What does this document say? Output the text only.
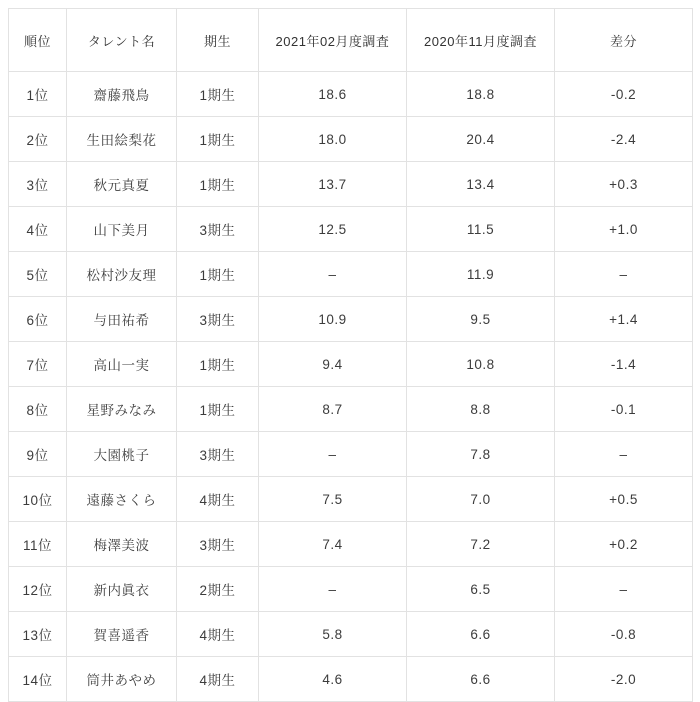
順位	タレント名	期生	2021年02月度調査	2020年11月度調査	差分
1位	齋藤飛鳥	1期生	18.6	18.8	-0.2
2位	生田絵梨花	1期生	18.0	20.4	-2.4
3位	秋元真夏	1期生	13.7	13.4	+0.3
4位	山下美月	3期生	12.5	11.5	+1.0
5位	松村沙友理	1期生	–	11.9	–
6位	与田祐希	3期生	10.9	9.5	+1.4
7位	高山一実	1期生	9.4	10.8	-1.4
8位	星野みなみ	1期生	8.7	8.8	-0.1
9位	大園桃子	3期生	–	7.8	–
10位	遠藤さくら	4期生	7.5	7.0	+0.5
11位	梅澤美波	3期生	7.4	7.2	+0.2
12位	新内眞衣	2期生	–	6.5	–
13位	賀喜遥香	4期生	5.8	6.6	-0.8
14位	筒井あやめ	4期生	4.6	6.6	-2.0
